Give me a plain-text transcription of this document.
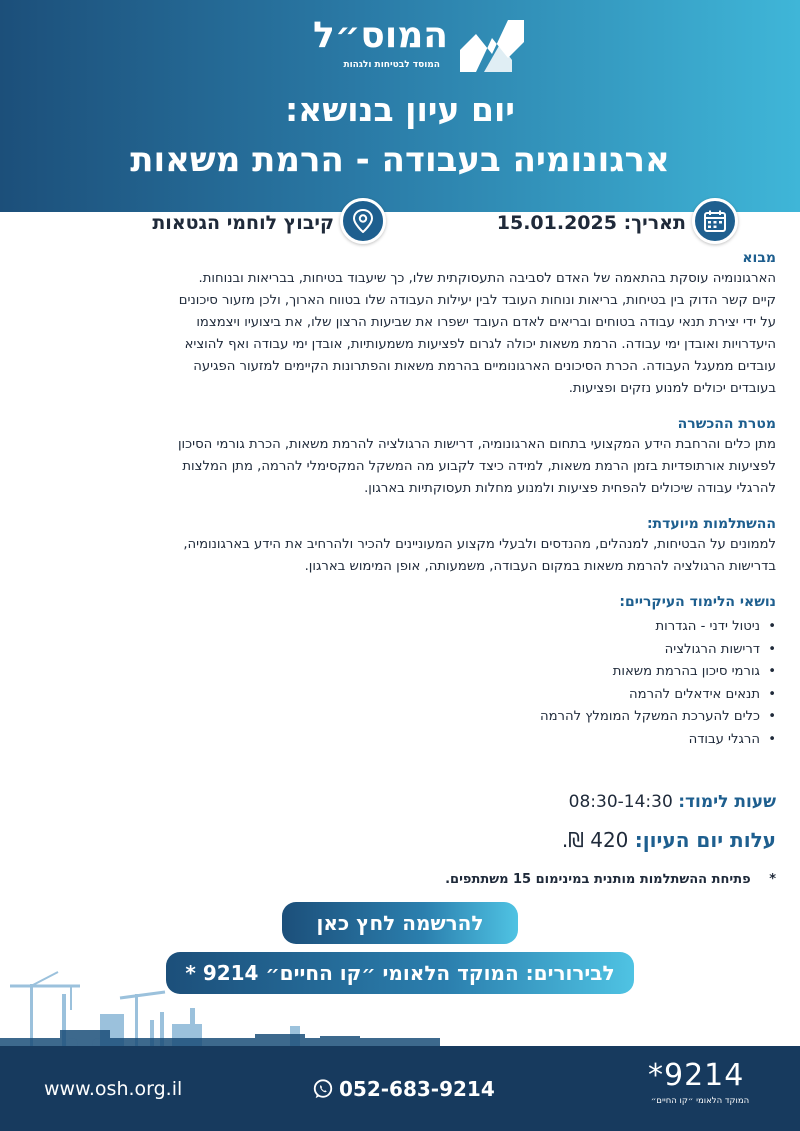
המוס״ל
המוסד לבטיחות ולגהות
יום עיון בנושא:
ארגונומיה בעבודה - הרמת משאות
קיבוץ לוחמי הגטאות	תאריך: 15.01.2025
מבוא
הארגונומיה עוסקת בהתאמה של האדם לסביבה התעסוקתית שלו, כך שיעבוד בטיחות, בבריאות ובנוחות.
קיים קשר הדוק בין בטיחות, בריאות ונוחות העובד לבין יעילות העבודה שלו בטווח הארוך, ולכן מזעור סיכונים
על ידי יצירת תנאי עבודה בטוחים ובריאים לאדם העובד ישפרו את שביעות הרצון שלו, את ביצועיו ויצמצמו
היעדרויות ואובדן ימי עבודה. הרמת משאות יכולה לגרום לפציעות משמעותיות, אובדן ימי עבודה ואף להוציא
עובדים ממעגל העבודה. הכרת הסיכונים הארגונומיים בהרמת משאות והפתרונות הקיימים למזעור הפגיעה
בעובדים יכולים למנוע נזקים ופציעות.
מטרת ההכשרה
מתן כלים והרחבת הידע המקצועי בתחום הארגונומיה, דרישות הרגולציה להרמת משאות, הכרת גורמי הסיכון
לפציעות אורתופדיות בזמן הרמת משאות, למידה כיצד לקבוע מה המשקל המקסימלי להרמה, מתן המלצות
להרגלי עבודה שיכולים להפחית פציעות ולמנוע מחלות תעסוקתיות בארגון.
ההשתלמות מיועדת:
לממונים על הבטיחות, למנהלים, מהנדסים ולבעלי מקצוע המעוניינים להכיר ולהרחיב את הידע בארגונומיה,
בדרישות הרגולציה להרמת משאות במקום העבודה, משמעותה, אופן המימוש בארגון.
נושאי הלימוד העיקריים:
• ניטול ידני - הגדרות
• דרישות הרגולציה
• גורמי סיכון בהרמת משאות
• תנאים אידאלים להרמה
• כלים להערכת המשקל המומלץ להרמה
• הרגלי עבודה
שעות לימוד: 08:30-14:30
עלות יום העיון: 420 ₪.
* פתיחת ההשתלמות מותנית במינימום 15 משתתפים.
להרשמה לחץ כאן
לבירורים: המוקד הלאומי ״קו החיים״ 9214 *
www.osh.org.il	052-683-9214	*9214
המוקד הלאומי ״קו החיים״
